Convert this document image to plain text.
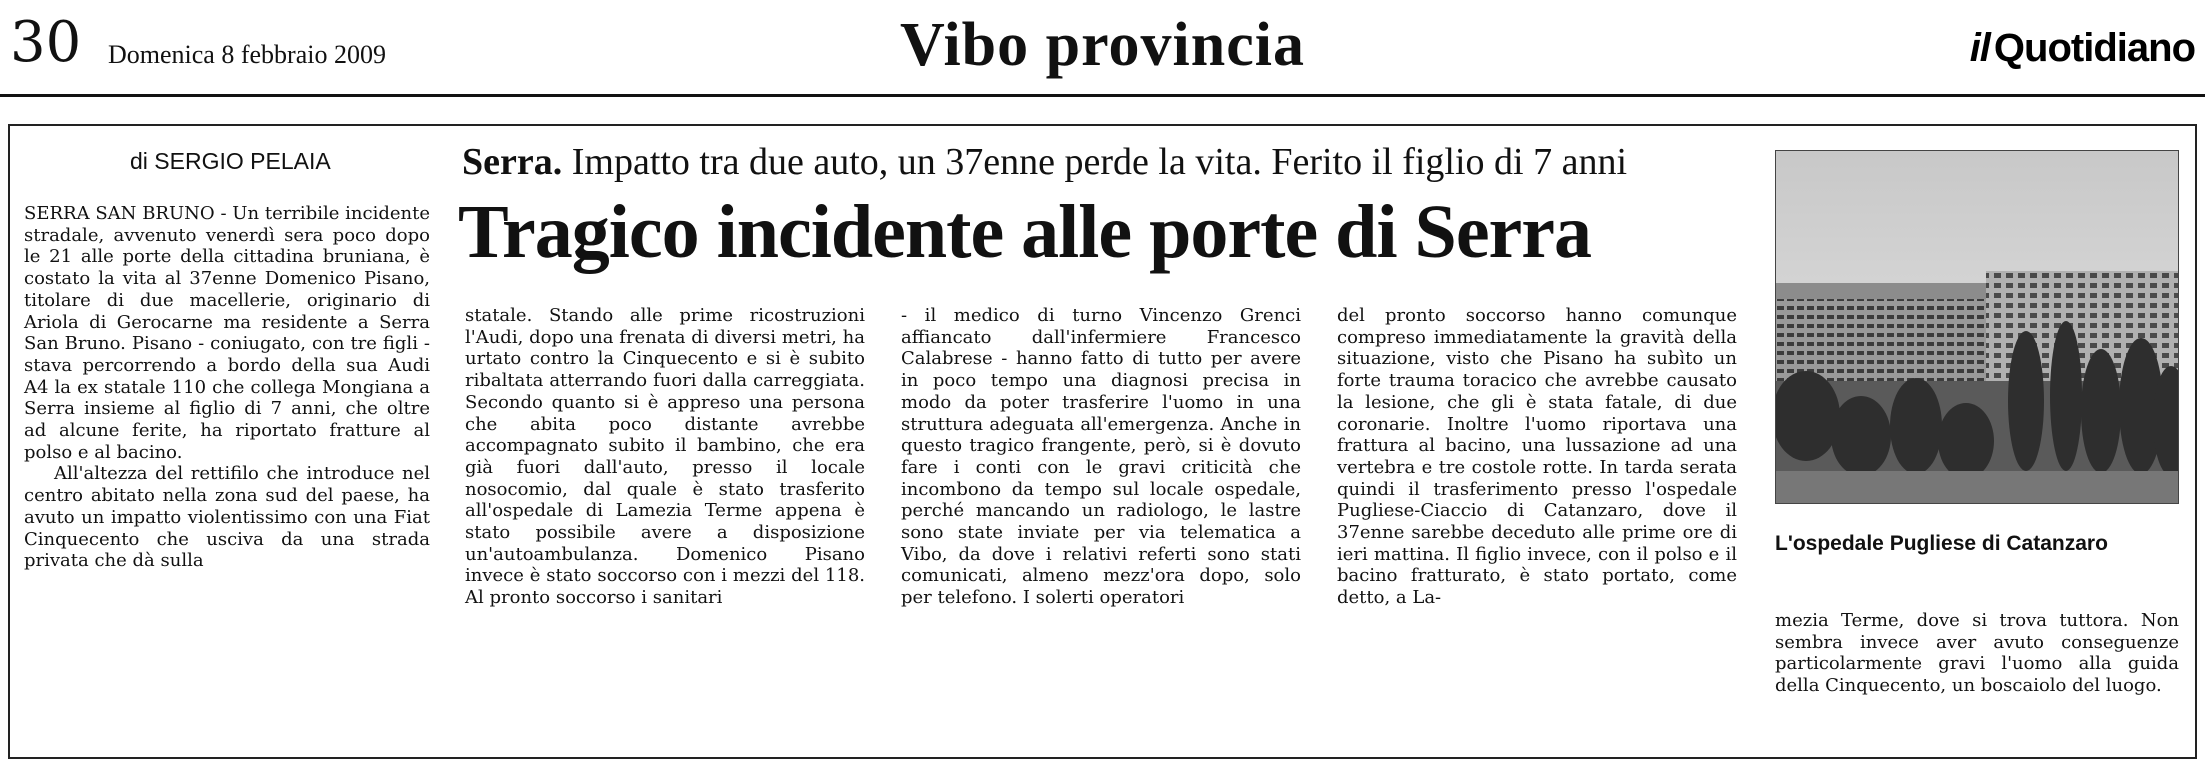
30 Domenica 8 febbraio 2009	Vibo provincia	il Quotidiano
di SERGIO PELAIA	Serra. Impatto tra due auto, un 37enne perde la vita. Ferito il figlio di 7 anni
Tragico incidente alle porte di Serra

SERRA SAN BRUNO - Un terribile incidente stradale, avvenuto venerdì sera poco dopo le 21 alle porte della cittadina bruniana, è costato la vita al 37enne Domenico Pisano, titolare di due macellerie, originario di Ariola di Gerocarne ma residente a Serra San Bruno. Pisano - coniugato, con tre figli - stava percorrendo a bordo della sua Audi A4 la ex statale 110 che collega Mongiana a Serra insieme al figlio di 7 anni, che oltre ad alcune ferite, ha riportato fratture al polso e al bacino.

All'altezza del rettifilo che introduce nel centro abitato nella zona sud del paese, ha avuto un impatto violentissimo con una Fiat Cinquecento che usciva da una strada privata che dà sulla

statale. Stando alle prime ricostruzioni l'Audi, dopo una frenata di diversi metri, ha urtato contro la Cinquecento e si è subito ribaltata atterrando fuori dalla carreggiata. Secondo quanto si è appreso una persona che abita poco distante avrebbe accompagnato subito il bambino, che era già fuori dall'auto, presso il locale nosocomio, dal quale è stato trasferito all'ospedale di Lamezia Terme appena è stato possibile avere a disposizione un'autoambulanza. Domenico Pisano invece è stato soccorso con i mezzi del 118. Al pronto soccorso i sanitari

- il medico di turno Vincenzo Grenci affiancato dall'infermiere Francesco Calabrese - hanno fatto di tutto per avere in poco tempo una diagnosi precisa in modo da poter trasferire l'uomo in una struttura adeguata all'emergenza. Anche in questo tragico frangente, però, si è dovuto fare i conti con le gravi criticità che incombono da tempo sul locale ospedale, perché mancando un radiologo, le lastre sono state inviate per via telematica a Vibo, da dove i relativi referti sono stati comunicati, almeno mezz'ora dopo, solo per telefono. I solerti operatori

del pronto soccorso hanno comunque compreso immediatamente la gravità della situazione, visto che Pisano ha subìto un forte trauma toracico che avrebbe causato la lesione, che gli è stata fatale, di due coronarie. Inoltre l'uomo riportava una frattura al bacino, una lussazione ad una vertebra e tre costole rotte. In tarda serata quindi il trasferimento presso l'ospedale Pugliese-Ciaccio di Catanzaro, dove il 37enne sarebbe deceduto alle prime ore di ieri mattina. Il figlio invece, con il polso e il bacino fratturato, è stato portato, come detto, a La-

L'ospedale Pugliese di Catanzaro

mezia Terme, dove si trova tuttora. Non sembra invece aver avuto conseguenze particolarmente gravi l'uomo alla guida della Cinquecento, un boscaiolo del luogo.
